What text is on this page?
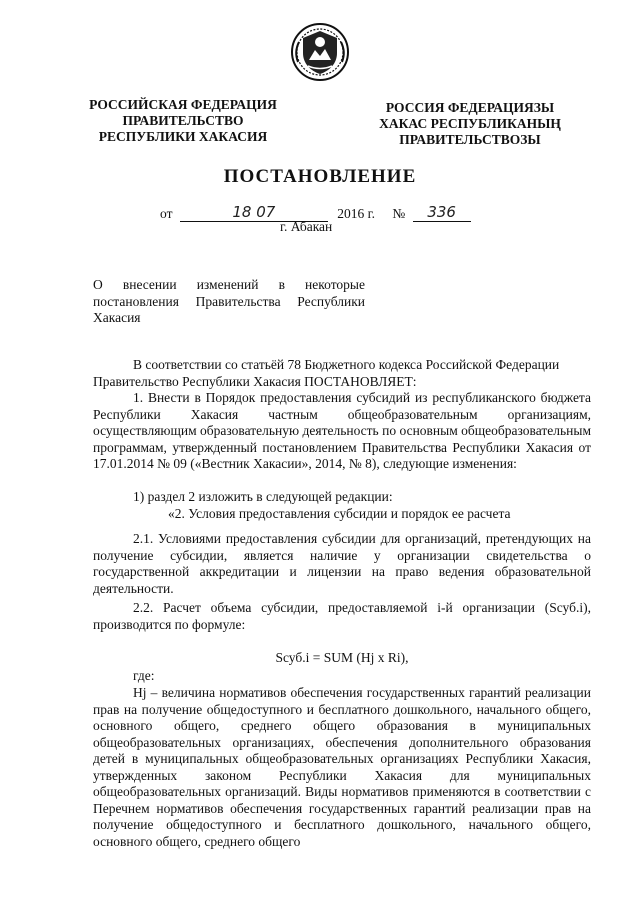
РОССИЙСКАЯ ФЕДЕРАЦИЯ
ПРАВИТЕЛЬСТВО
РЕСПУБЛИКИ ХАКАСИЯ
РОССИЯ ФЕДЕРАЦИЯЗЫ
ХАКАС РЕСПУБЛИКАНЫҢ
ПРАВИТЕЛЬСТВОЗЫ
ПОСТАНОВЛЕНИЕ
от	18 07	2016 г. № 336
г. Абакан
О внесении изменений в некоторые
постановления Правительства Республики
Хакасия

В соответствии со статьёй 78 Бюджетного кодекса Российской Федерации

Правительство Республики Хакасия ПОСТАНОВЛЯЕТ:

1. Внести в Порядок предоставления субсидий из республиканского бюджета Республики Хакасия частным общеобразовательным организациям, осуществляющим образовательную деятельность по основным общеобразовательным программам, утвержденный постановлением Правительства Республики Хакасия от 17.01.2014 № 09 («Вестник Хакасии», 2014, № 8), следующие изменения:

1) раздел 2 изложить в следующей редакции:

«2. Условия предоставления субсидии и порядок ее расчета

2.1. Условиями предоставления субсидии для организаций, претендующих на получение субсидии, является наличие у организации свидетельства о государственной аккредитации и лицензии на право ведения образовательной деятельности.

2.2. Расчет объема субсидии, предоставляемой i-й организации (Sсуб.i), производится по формуле:

Sсуб.i = SUM (Hj x Ri),
где:

Hj – величина нормативов обеспечения государственных гарантий реализации прав на получение общедоступного и бесплатного дошкольного, начального общего, основного общего, среднего общего образования в муниципальных общеобразовательных организациях, обеспечения дополнительного образования детей в муниципальных общеобразовательных организациях Республики Хакасия, утвержденных законом Республики Хакасия для муниципальных общеобразовательных организаций. Виды нормативов применяются в соответствии с Перечнем нормативов обеспечения государственных гарантий реализации прав на получение общедоступного и бесплатного дошкольного, начального общего, основного общего, среднего общего
